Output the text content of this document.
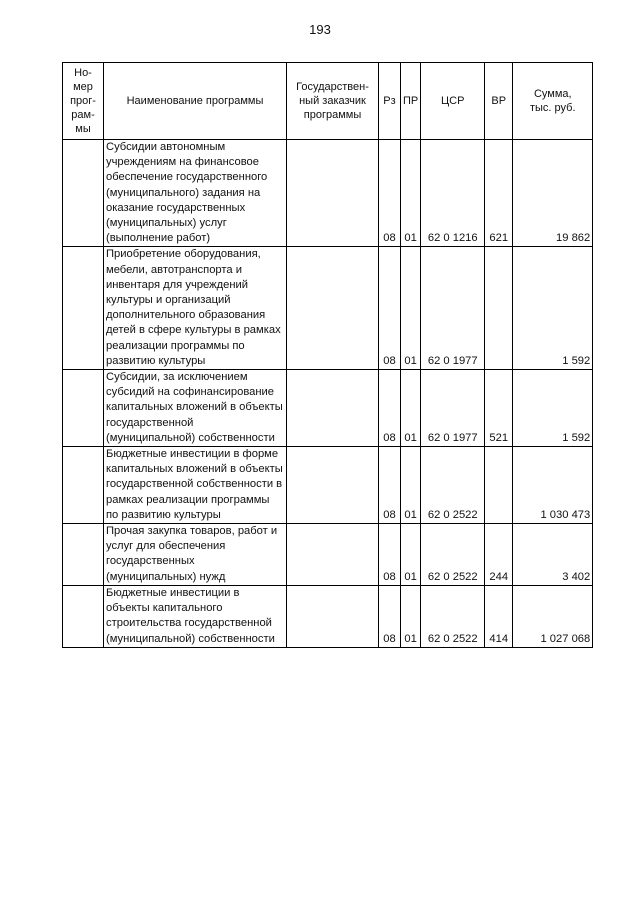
193
Но-
мер
прог-
рам-
мы	Наименование программы	Государствен-
ный заказчик
программы	Рз	ПР	ЦСР	ВР	Сумма,
тыс. руб.
	Субсидии автономным учреждениям на финансовое обеспечение государственного (муниципального) задания на оказание государственных (муниципальных) услуг (выполнение работ)		08	01	62 0 1216	621	19 862
	Приобретение оборудования, мебели, автотранспорта и инвентаря для учреждений культуры и организаций дополнительного образования детей в сфере культуры в рамках реализации программы по развитию культуры		08	01	62 0 1977		1 592
	Субсидии, за исключением субсидий на софинансирование капитальных вложений в объекты государственной (муниципальной) собственности		08	01	62 0 1977	521	1 592
	Бюджетные инвестиции в форме капитальных вложений в объекты государственной собственности в рамках реализации программы по развитию культуры		08	01	62 0 2522		1 030 473
	Прочая закупка товаров, работ и услуг для обеспечения государственных (муниципальных) нужд		08	01	62 0 2522	244	3 402
	Бюджетные инвестиции в объекты капитального строительства государственной (муниципальной) собственности		08	01	62 0 2522	414	1 027 068
